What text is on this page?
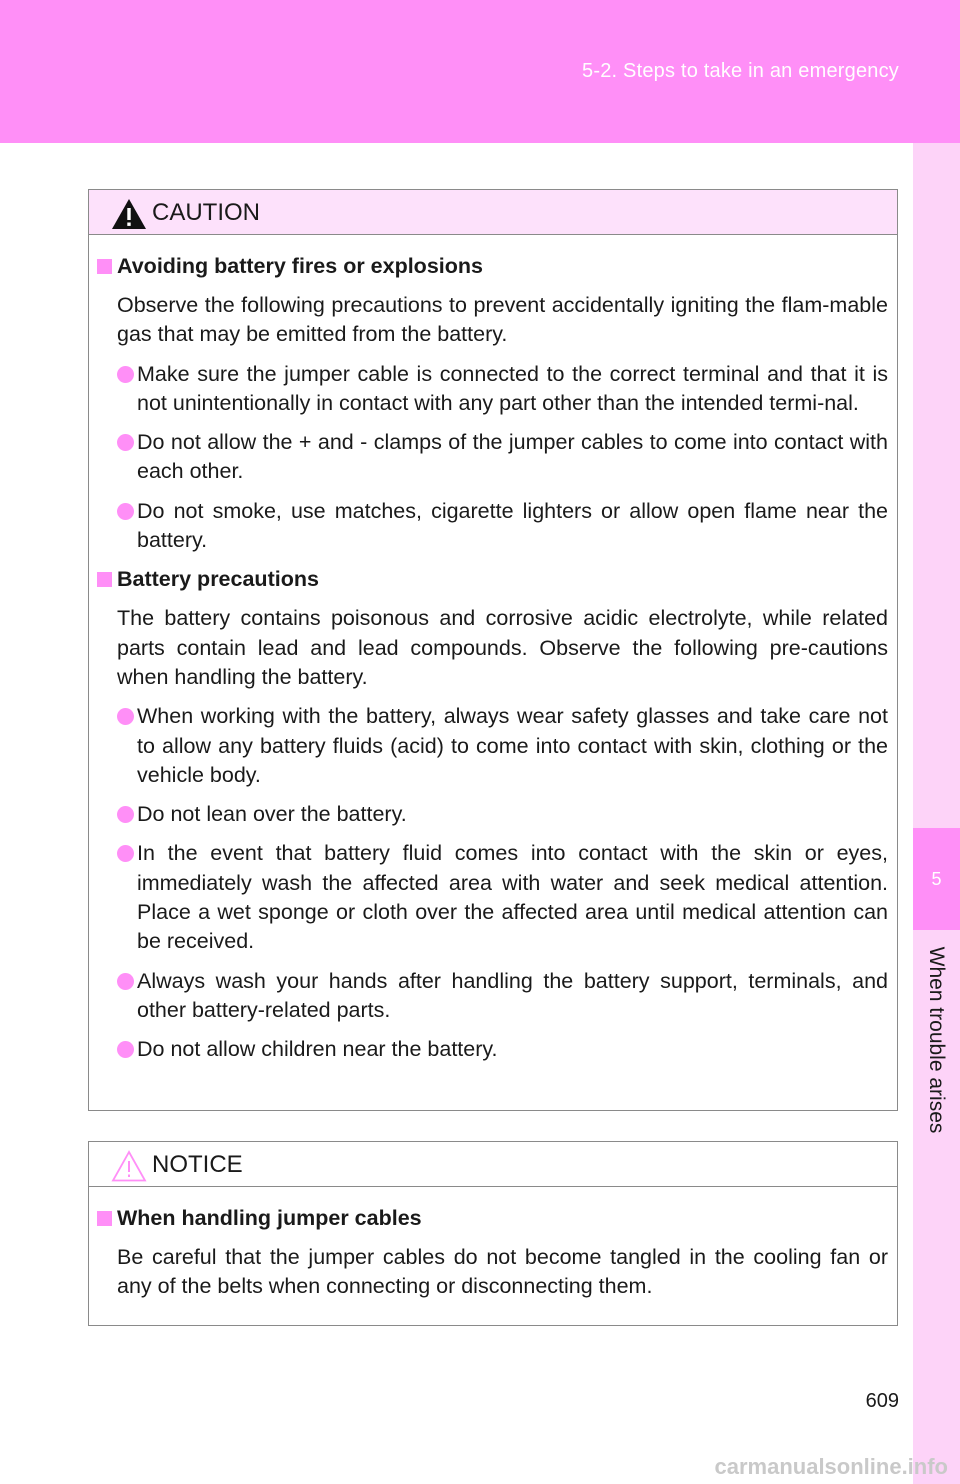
5-2. Steps to take in an emergency
5
When trouble arises
CAUTION
Avoiding battery fires or explosions
Observe the following precautions to prevent accidentally igniting the flam-mable gas that may be emitted from the battery.
Make sure the jumper cable is connected to the correct terminal and that it is not unintentionally in contact with any part other than the intended termi-nal.
Do not allow the + and - clamps of the jumper cables to come into contact with each other.
Do not smoke, use matches, cigarette lighters or allow open flame near the battery.
Battery precautions
The battery contains poisonous and corrosive acidic electrolyte, while related parts contain lead and lead compounds. Observe the following pre-cautions when handling the battery.
When working with the battery, always wear safety glasses and take care not to allow any battery fluids (acid) to come into contact with skin, clothing or the vehicle body.
Do not lean over the battery.
In the event that battery fluid comes into contact with the skin or eyes, immediately wash the affected area with water and seek medical attention. Place a wet sponge or cloth over the affected area until medical attention can be received.
Always wash your hands after handling the battery support, terminals, and other battery-related parts.
Do not allow children near the battery.
NOTICE
When handling jumper cables
Be careful that the jumper cables do not become tangled in the cooling fan or any of the belts when connecting or disconnecting them.
609
carmanualsonline.info
